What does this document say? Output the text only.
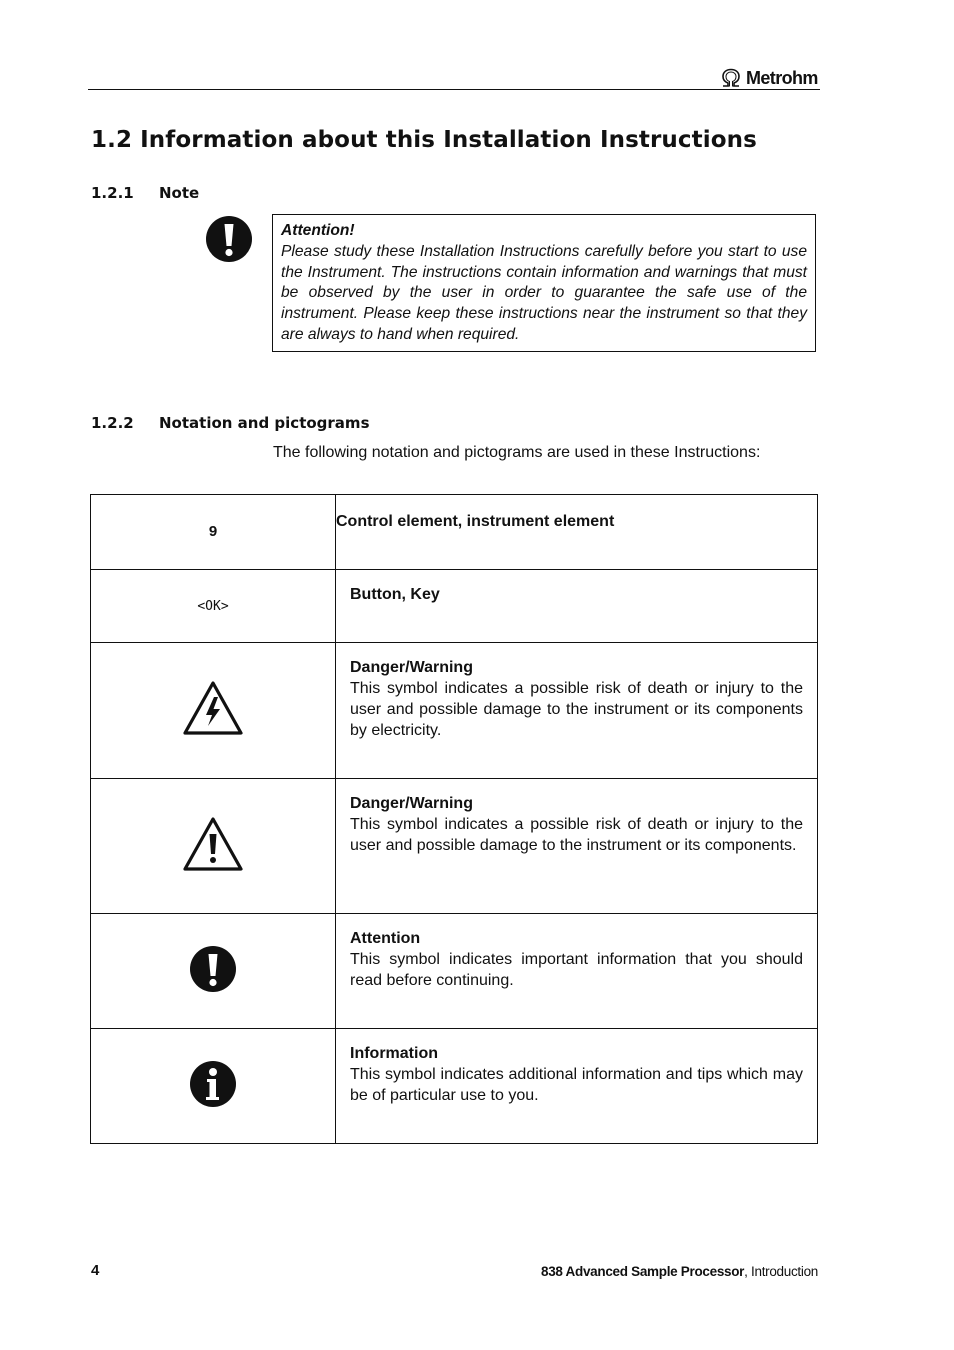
Metrohm
1.2 Information about this Installation Instructions
1.2.1 Note
Attention!
Please study these Installation Instructions carefully before you start to use the Instrument. The instructions contain information and warnings that must be observed by the user in order to guarantee the safe use of the instrument. Please keep these instructions near the instrument so that they are always to hand when required.
1.2.2 Notation and pictograms
The following notation and pictograms are used in these Instructions:
9	Control element, instrument element

<OK>	Button, Key

Danger/Warning
This symbol indicates a possible risk of death or injury to the user and possible damage to the instrument or its components by electricity.

Danger/Warning
This symbol indicates a possible risk of death or injury to the user and possible damage to the instrument or its components.

Attention
This symbol indicates important information that you should read before continuing.

Information
This symbol indicates additional information and tips which may be of particular use to you.
4	838 Advanced Sample Processor, Introduction
